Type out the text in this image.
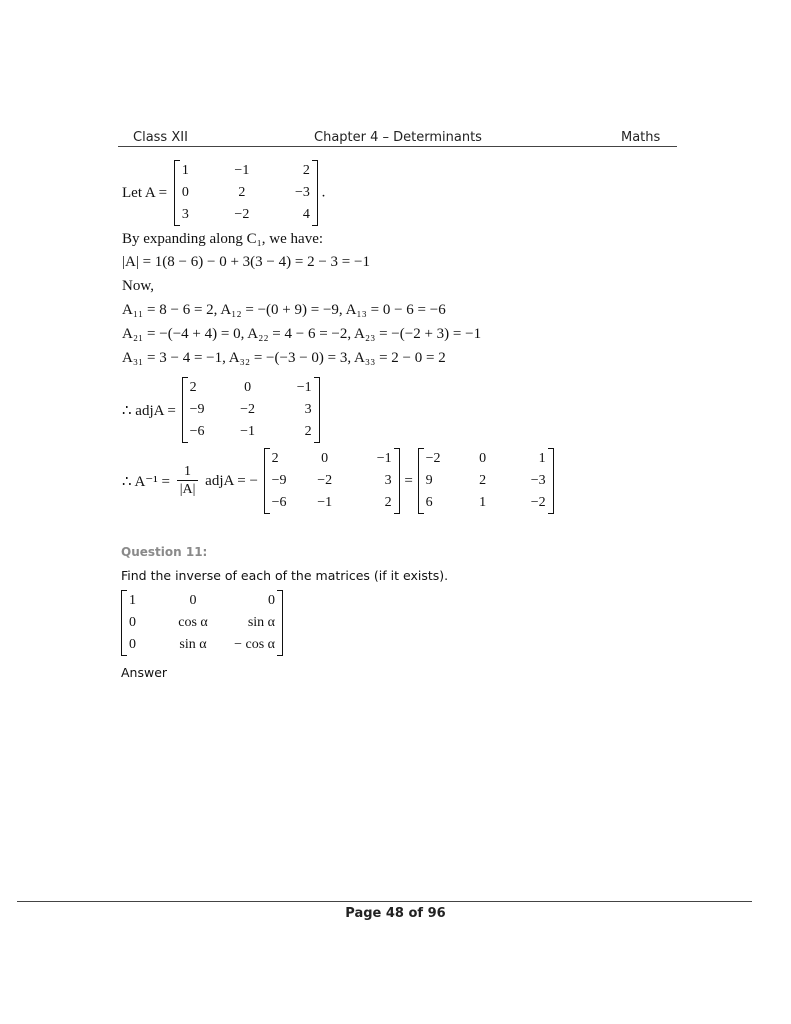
Class XII	Chapter 4 – Determinants	Maths
Let A =
1	−1	2
0	2	−3
3	−2	4
.
By expanding along C₁, we have:
|A| = 1(8 − 6) − 0 + 3(3 − 4) = 2 − 3 = −1
Now,
A₁₁ = 8 − 6 = 2, A₁₂ = −(0 + 9) = −9, A₁₃ = 0 − 6 = −6
A₂₁ = −(−4 + 4) = 0, A₂₂ = 4 − 6 = −2, A₂₃ = −(−2 + 3) = −1
A₃₁ = 3 − 4 = −1, A₃₂ = −(−3 − 0) = 3, A₃₃ = 2 − 0 = 2
∴ adjA =
2	0	−1
−9	−2	3
−6	−1	2
∴ $A^{-1} = \frac{1}{|A|}$ adjA = −
2	0	−1
−9	−2	3
−6	−1	2
=
−2	0	1
9	2	−3
6	1	−2
Question 11:
Find the inverse of each of the matrices (if it exists).
1	0	0
0	cos α	sin α
0	sin α	− cos α
Answer
Page 48 of 96
